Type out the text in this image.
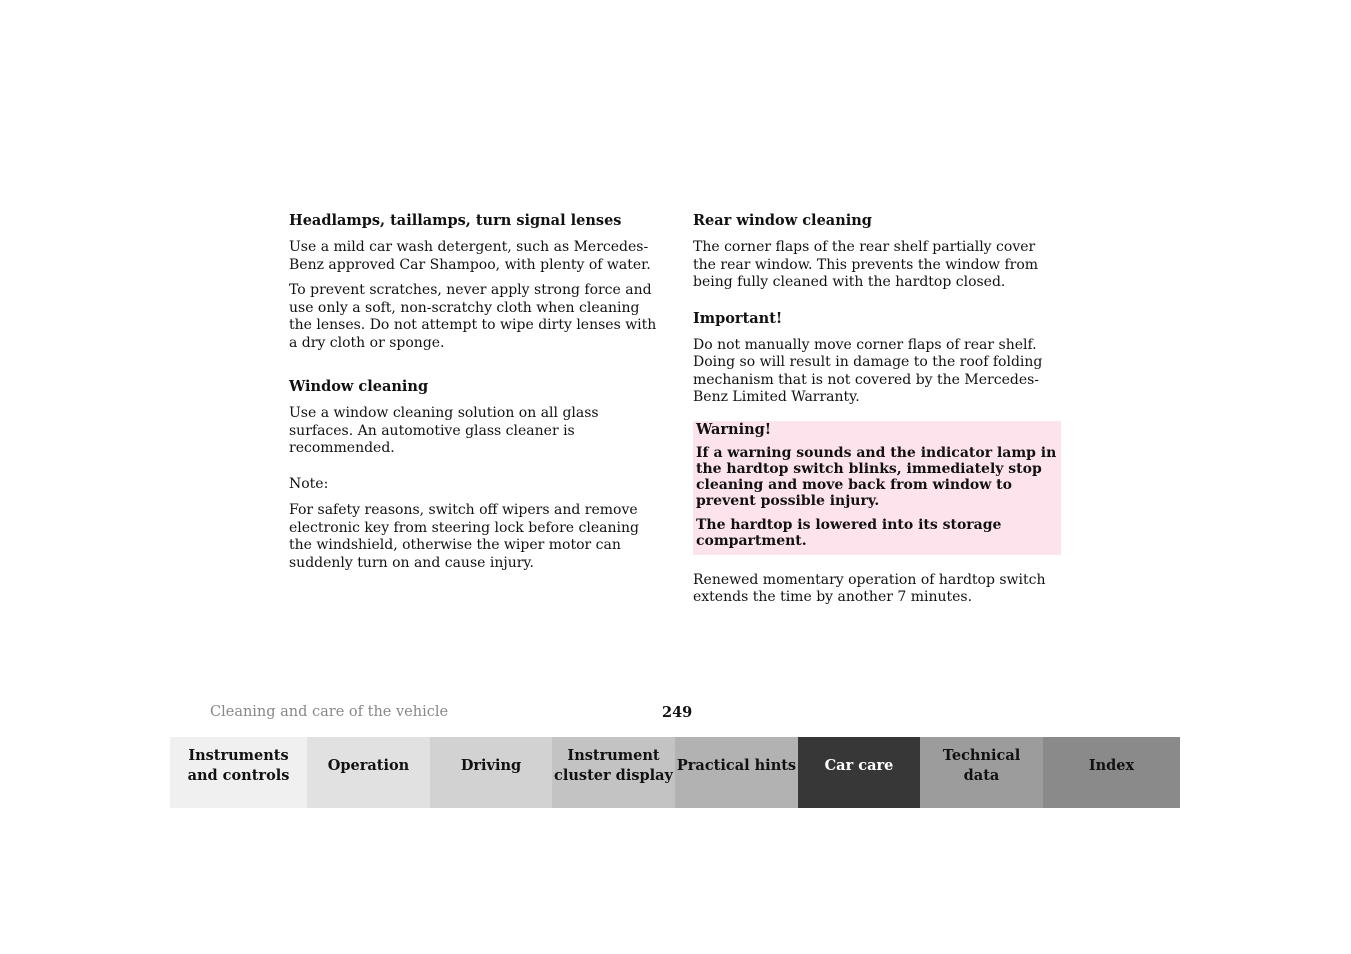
Headlamps, taillamps, turn signal lenses

Use a mild car wash detergent, such as Mercedes-Benz approved Car Shampoo, with plenty of water.

To prevent scratches, never apply strong force and use only a soft, non-scratchy cloth when cleaning the lenses. Do not attempt to wipe dirty lenses with a dry cloth or sponge.

Window cleaning

Use a window cleaning solution on all glass surfaces. An automotive glass cleaner is recommended.

Note:

For safety reasons, switch off wipers and remove electronic key from steering lock before cleaning the windshield, otherwise the wiper motor can suddenly turn on and cause injury.

Rear window cleaning

The corner flaps of the rear shelf partially cover the rear window. This prevents the window from being fully cleaned with the hardtop closed.

Important!

Do not manually move corner flaps of rear shelf. Doing so will result in damage to the roof folding mechanism that is not covered by the Mercedes-Benz Limited Warranty.

Warning!

If a warning sounds and the indicator lamp in the hardtop switch blinks, immediately stop cleaning and move back from window to prevent possible injury.

The hardtop is lowered into its storage compartment.

Renewed momentary operation of hardtop switch extends the time by another 7 minutes.

Cleaning and care of the vehicle	249
Instruments
and controls
Operation	Driving
Instrument
cluster display
Practical hints	Car care
Technical
data
Index
